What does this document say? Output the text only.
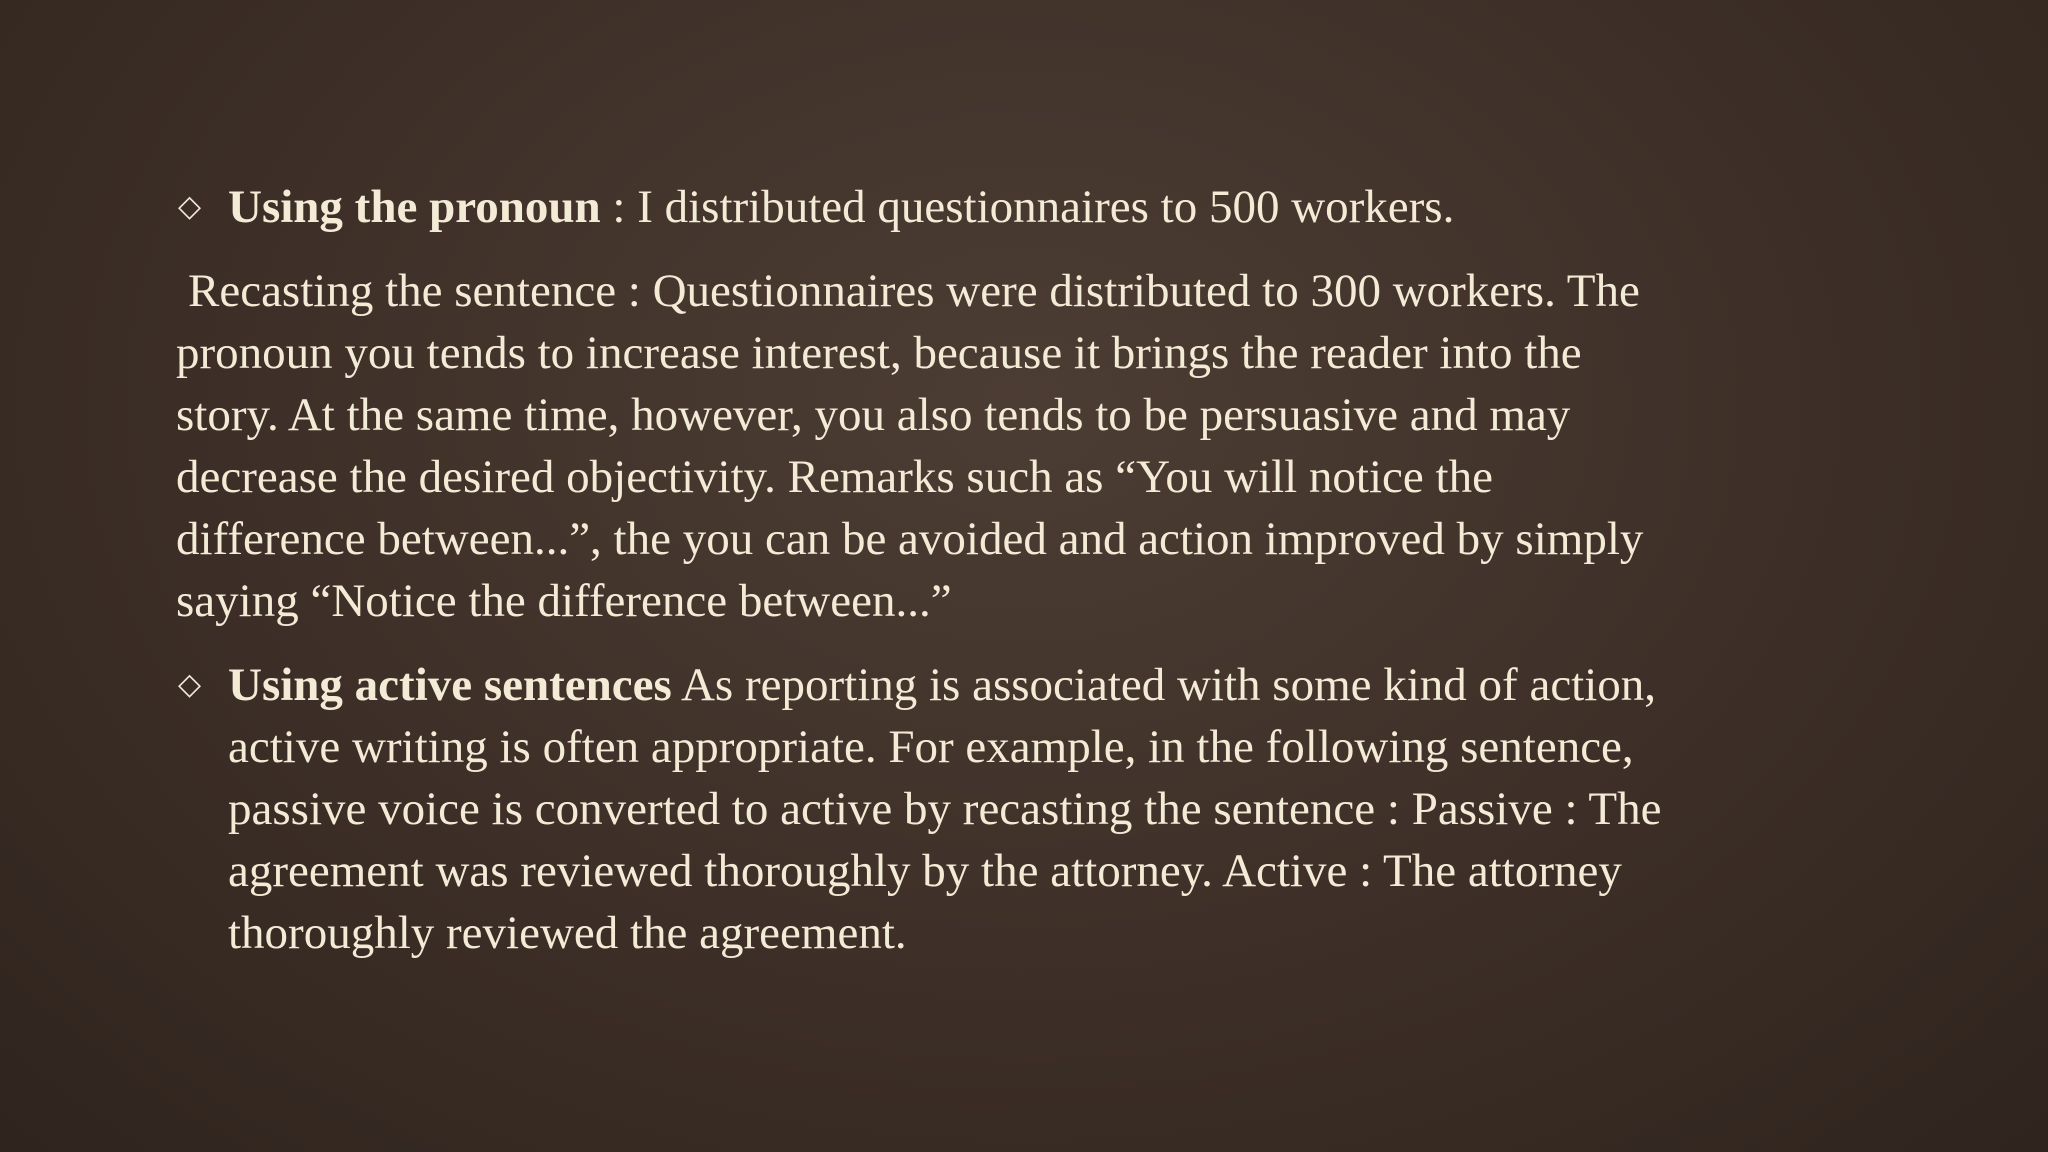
◇ Using the pronoun : I distributed questionnaires to 500 workers.

Recasting the sentence : Questionnaires were distributed to 300 workers. The
pronoun you tends to increase interest, because it brings the reader into the
story. At the same time, however, you also tends to be persuasive and may
decrease the desired objectivity. Remarks such as “You will notice the
difference between...”, the you can be avoided and action improved by simply
saying “Notice the difference between...”

◇ Using active sentences As reporting is associated with some kind of action,
active writing is often appropriate. For example, in the following sentence,
passive voice is converted to active by recasting the sentence : Passive : The
agreement was reviewed thoroughly by the attorney. Active : The attorney
thoroughly reviewed the agreement.
